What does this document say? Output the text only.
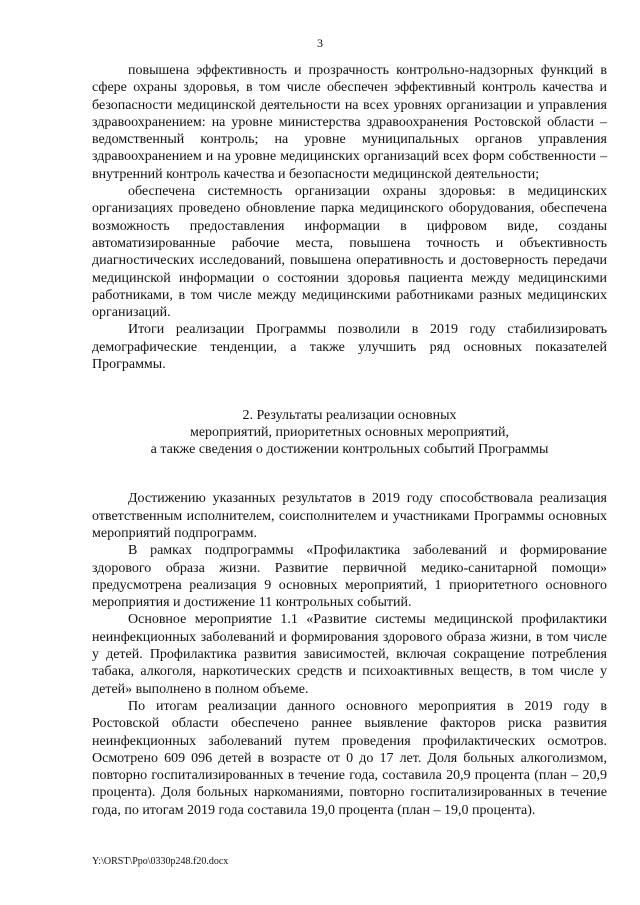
3

повышена эффективность и прозрачность контрольно-надзорных функций в сфере охраны здоровья, в том числе обеспечен эффективный контроль качества и безопасности медицинской деятельности на всех уровнях организации и управления здравоохранением: на уровне министерства здравоохранения Ростовской области – ведомственный контроль; на уровне муниципальных органов управления здравоохранением и на уровне медицинских организаций всех форм собственности – внутренний контроль качества и безопасности медицинской деятельности;

обеспечена системность организации охраны здоровья: в медицинских организациях проведено обновление парка медицинского оборудования, обеспечена возможность предоставления информации в цифровом виде, созданы автоматизированные рабочие места, повышена точность и объективность диагностических исследований, повышена оперативность и достоверность передачи медицинской информации о состоянии здоровья пациента между медицинскими работниками, в том числе между медицинскими работниками разных медицинских организаций.

Итоги реализации Программы позволили в 2019 году стабилизировать демографические тенденции, а также улучшить ряд основных показателей Программы.

2. Результаты реализации основных
мероприятий, приоритетных основных мероприятий,
а также сведения о достижении контрольных событий Программы

Достижению указанных результатов в 2019 году способствовала реализация ответственным исполнителем, соисполнителем и участниками Программы основных мероприятий подпрограмм.

В рамках подпрограммы «Профилактика заболеваний и формирование здорового образа жизни. Развитие первичной медико-санитарной помощи» предусмотрена реализация 9 основных мероприятий, 1 приоритетного основного мероприятия и достижение 11 контрольных событий.

Основное мероприятие 1.1 «Развитие системы медицинской профилактики неинфекционных заболеваний и формирования здорового образа жизни, в том числе у детей. Профилактика развития зависимостей, включая сокращение потребления табака, алкоголя, наркотических средств и психоактивных веществ, в том числе у детей» выполнено в полном объеме.

По итогам реализации данного основного мероприятия в 2019 году в Ростовской области обеспечено раннее выявление факторов риска развития неинфекционных заболеваний путем проведения профилактических осмотров. Осмотрено 609 096 детей в возрасте от 0 до 17 лет. Доля больных алкоголизмом, повторно госпитализированных в течение года, составила 20,9 процента (план – 20,9 процента). Доля больных наркоманиями, повторно госпитализированных в течение года, по итогам 2019 года составила 19,0 процента (план – 19,0 процента).

Y:\ORST\Ppo\0330p248.f20.docx
